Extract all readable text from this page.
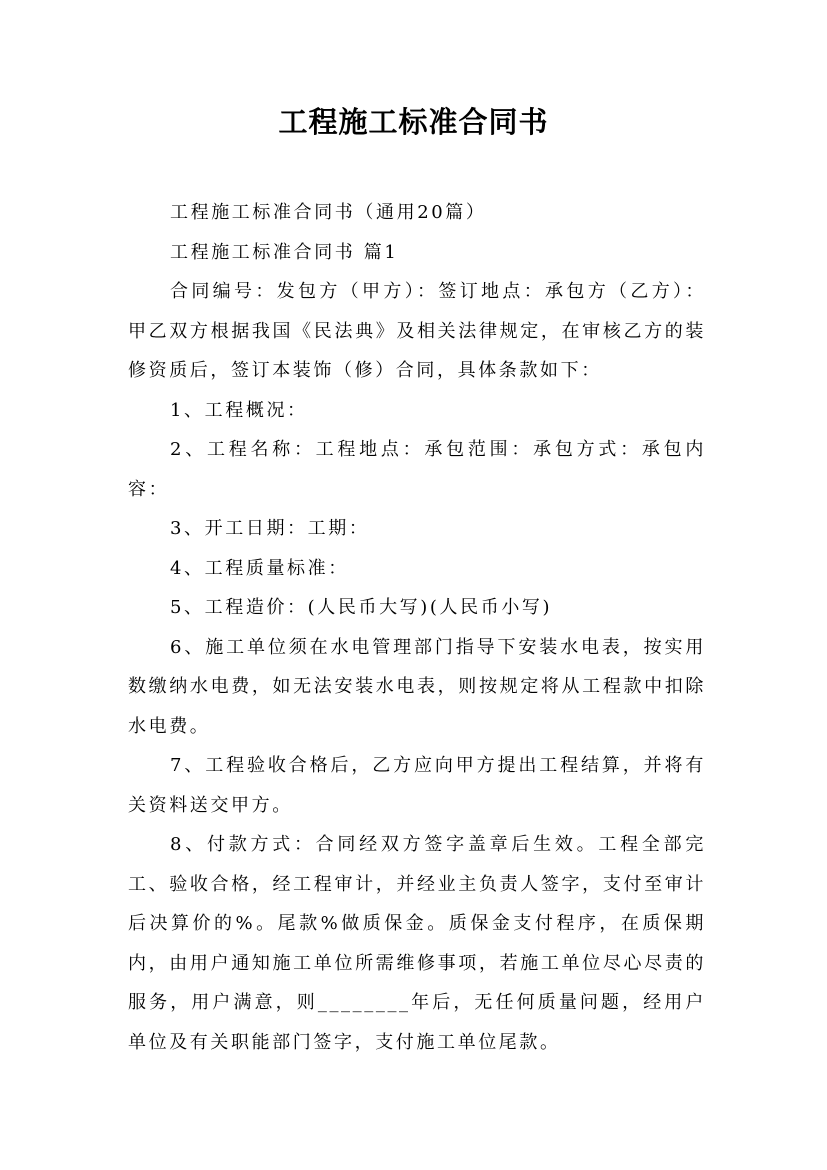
工程施工标准合同书

工程施工标准合同书（通用20篇）

工程施工标准合同书 篇1

合同编号：发包方（甲方）：签订地点：承包方（乙方）：甲乙双方根据我国《民法典》及相关法律规定，在审核乙方的装修资质后，签订本装饰（修）合同，具体条款如下：

1、工程概况：

2、工程名称：工程地点：承包范围：承包方式：承包内容：

3、开工日期：工期：

4、工程质量标准：

5、工程造价：(人民币大写)(人民币小写)

6、施工单位须在水电管理部门指导下安装水电表，按实用数缴纳水电费，如无法安装水电表，则按规定将从工程款中扣除水电费。

7、工程验收合格后，乙方应向甲方提出工程结算，并将有关资料送交甲方。

8、付款方式：合同经双方签字盖章后生效。工程全部完工、验收合格，经工程审计，并经业主负责人签字，支付至审计后决算价的%。尾款%做质保金。质保金支付程序，在质保期内，由用户通知施工单位所需维修事项，若施工单位尽心尽责的服务，用户满意，则________年后，无任何质量问题，经用户单位及有关职能部门签字，支付施工单位尾款。
